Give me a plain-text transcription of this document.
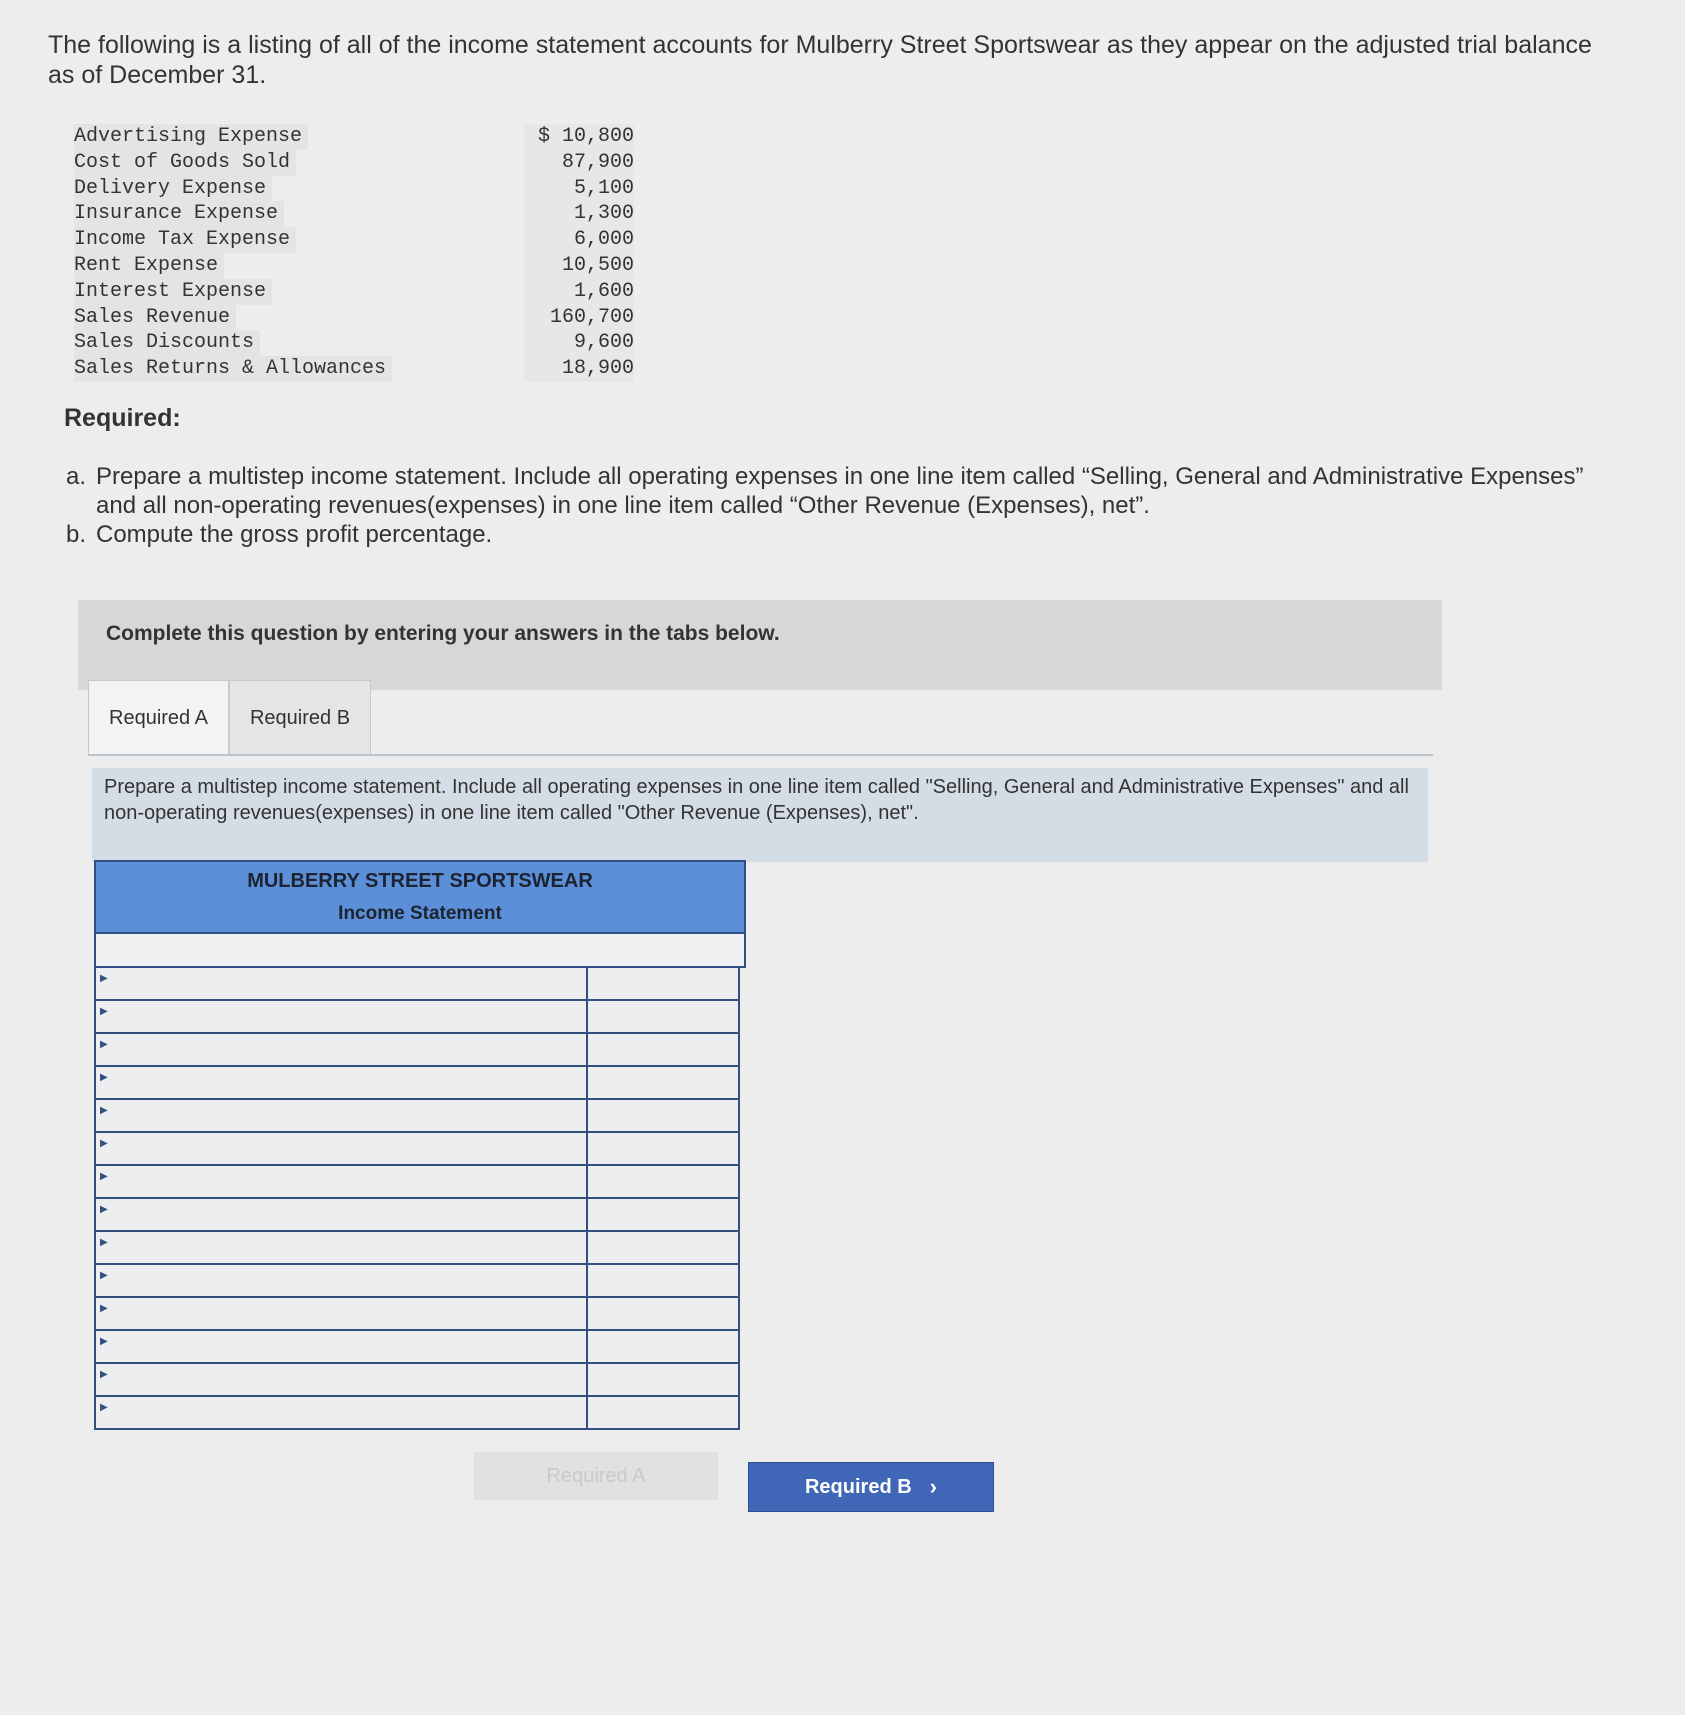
The following is a listing of all of the income statement accounts for Mulberry Street Sportswear as they appear on the adjusted trial balance as of December 31.
Advertising Expense	$ 10,800
Cost of Goods Sold	87,900
Delivery Expense	5,100
Insurance Expense	1,300
Income Tax Expense	6,000
Rent Expense	10,500
Interest Expense	1,600
Sales Revenue	160,700
Sales Discounts	9,600
Sales Returns & Allowances	18,900
Required:
a. Prepare a multistep income statement. Include all operating expenses in one line item called “Selling, General and Administrative Expenses” and all non-operating revenues(expenses) in one line item called “Other Revenue (Expenses), net”.
b. Compute the gross profit percentage.
Complete this question by entering your answers in the tabs below.
Required A	Required B
Prepare a multistep income statement. Include all operating expenses in one line item called "Selling, General and Administrative Expenses" and all non-operating revenues(expenses) in one line item called "Other Revenue (Expenses), net".
MULBERRY STREET SPORTSWEAR
Income Statement
▶
▶
▶
▶
▶
▶
▶
▶
▶
▶
▶
▶
▶
▶
Required A	Required B ›
